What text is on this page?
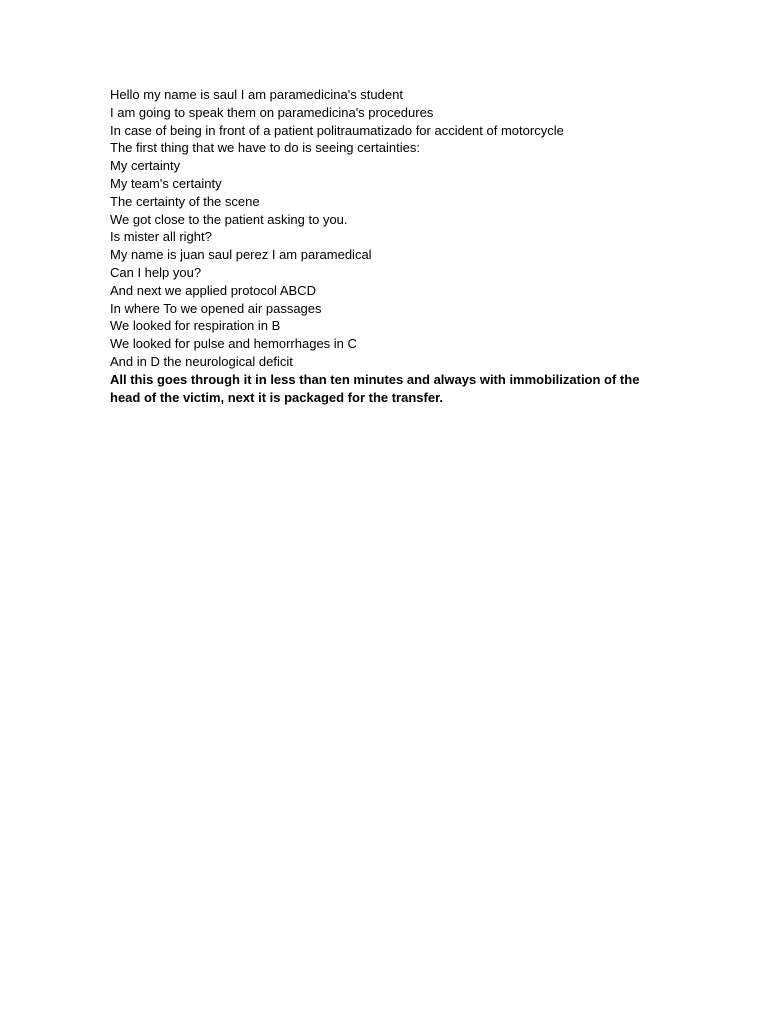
Hello my name is saul I am paramedicina's student
I am going to speak them on paramedicina's procedures
In case of being in front of a patient politraumatizado for accident of motorcycle
The first thing that we have to do is seeing certainties:
My certainty
My team's certainty
The certainty of the scene
We got close to the patient asking to you.
Is mister all right?
My name is juan saul perez I am paramedical
Can I help you?
And next we applied protocol ABCD
In where To we opened air passages
We looked for respiration in B
We looked for pulse and hemorrhages in C
And in D the neurological deficit
All this goes through it in less than ten minutes and always with immobilization of the head of the victim, next it is packaged for the transfer.
